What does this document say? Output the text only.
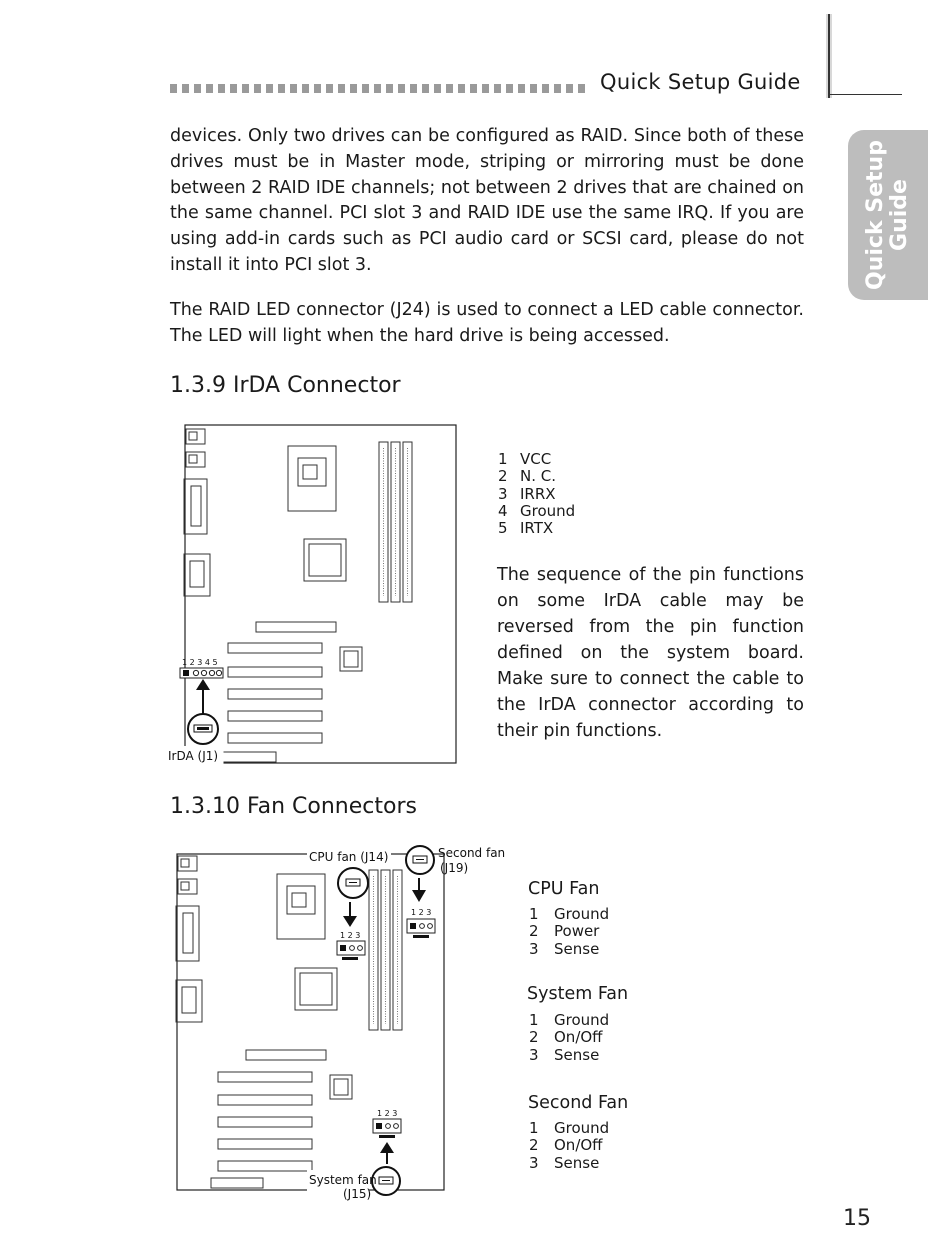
Quick Setup Guide
Quick Setup Guide
devices. Only two drives can be configured as RAID. Since both of these drives must be in Master mode, striping or mirroring must be done between 2 RAID IDE channels; not between 2 drives that are chained on the same channel. PCI slot 3 and RAID IDE use the same IRQ. If you are using add-in cards such as PCI audio card or SCSI card, please do not install it into PCI slot 3.
The RAID LED connector (J24) is used to connect a LED cable connector. The LED will light when the hard drive is being accessed.
1.3.9 IrDA Connector
1 2 3 4 5
IrDA (J1)
1 VCC
2 N. C.
3 IRRX
4 Ground
5 IRTX
The sequence of the pin functions on some IrDA cable may be reversed from the pin function defined on the system board. Make sure to connect the cable to the IrDA connector according to their pin functions.
1.3.10 Fan Connectors
CPU fan (J14)
1 2 3
Second fan
(J19)
1 2 3
1 2 3
System fan
(J15)
CPU Fan
1	Ground
2	Power
3	Sense
System Fan
1	Ground
2	On/Off
3	Sense
Second Fan
1	Ground
2	On/Off
3	Sense
15
